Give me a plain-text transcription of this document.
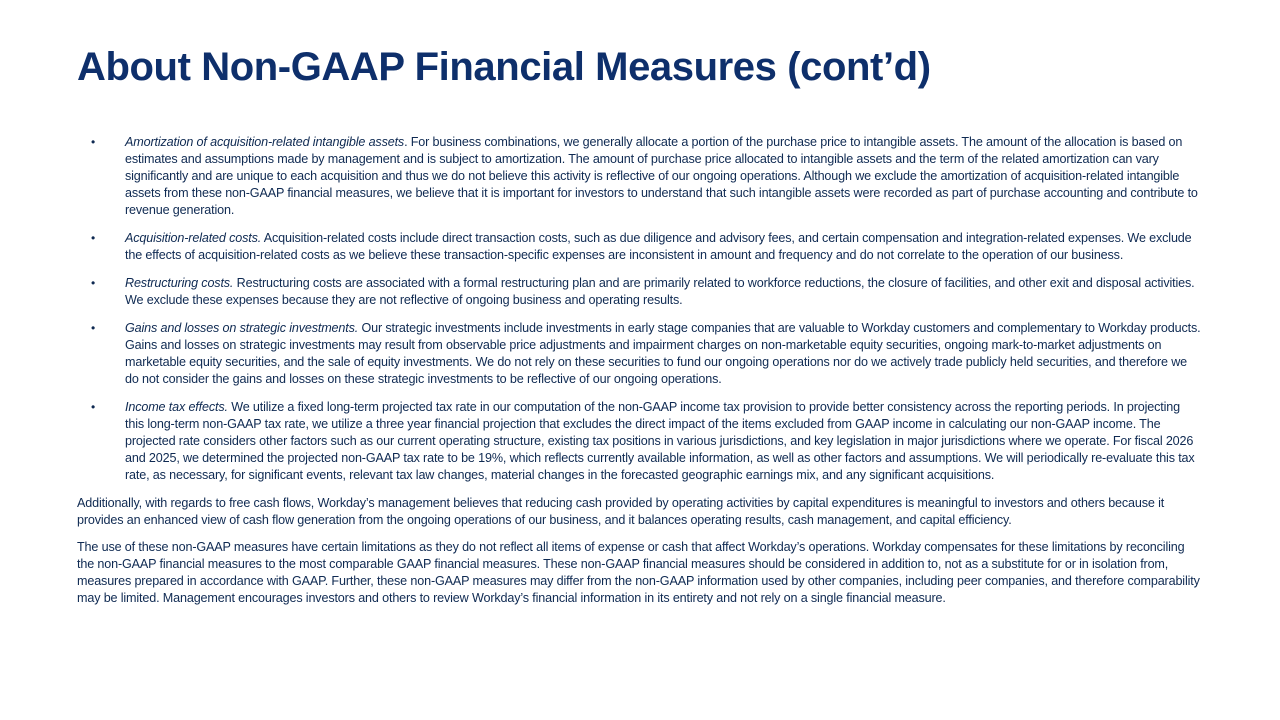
About Non-GAAP Financial Measures (cont’d)
• Amortization of acquisition-related intangible assets. For business combinations, we generally allocate a portion of the purchase price to intangible assets. The amount of the allocation is based on estimates and assumptions made by management and is subject to amortization. The amount of purchase price allocated to intangible assets and the term of the related amortization can vary significantly and are unique to each acquisition and thus we do not believe this activity is reflective of our ongoing operations. Although we exclude the amortization of acquisition-related intangible assets from these non-GAAP financial measures, we believe that it is important for investors to understand that such intangible assets were recorded as part of purchase accounting and contribute to revenue generation.
• Acquisition-related costs. Acquisition-related costs include direct transaction costs, such as due diligence and advisory fees, and certain compensation and integration-related expenses. We exclude the effects of acquisition-related costs as we believe these transaction-specific expenses are inconsistent in amount and frequency and do not correlate to the operation of our business.
• Restructuring costs. Restructuring costs are associated with a formal restructuring plan and are primarily related to workforce reductions, the closure of facilities, and other exit and disposal activities. We exclude these expenses because they are not reflective of ongoing business and operating results.
• Gains and losses on strategic investments. Our strategic investments include investments in early stage companies that are valuable to Workday customers and complementary to Workday products. Gains and losses on strategic investments may result from observable price adjustments and impairment charges on non-marketable equity securities, ongoing mark-to-market adjustments on marketable equity securities, and the sale of equity investments. We do not rely on these securities to fund our ongoing operations nor do we actively trade publicly held securities, and therefore we do not consider the gains and losses on these strategic investments to be reflective of our ongoing operations.
• Income tax effects. We utilize a fixed long-term projected tax rate in our computation of the non-GAAP income tax provision to provide better consistency across the reporting periods. In projecting this long-term non-GAAP tax rate, we utilize a three year financial projection that excludes the direct impact of the items excluded from GAAP income in calculating our non-GAAP income. The projected rate considers other factors such as our current operating structure, existing tax positions in various jurisdictions, and key legislation in major jurisdictions where we operate. For fiscal 2026 and 2025, we determined the projected non-GAAP tax rate to be 19%, which reflects currently available information, as well as other factors and assumptions. We will periodically re-evaluate this tax rate, as necessary, for significant events, relevant tax law changes, material changes in the forecasted geographic earnings mix, and any significant acquisitions.

Additionally, with regards to free cash flows, Workday’s management believes that reducing cash provided by operating activities by capital expenditures is meaningful to investors and others because it provides an enhanced view of cash flow generation from the ongoing operations of our business, and it balances operating results, cash management, and capital efficiency.

The use of these non-GAAP measures have certain limitations as they do not reflect all items of expense or cash that affect Workday’s operations. Workday compensates for these limitations by reconciling the non-GAAP financial measures to the most comparable GAAP financial measures. These non-GAAP financial measures should be considered in addition to, not as a substitute for or in isolation from, measures prepared in accordance with GAAP. Further, these non-GAAP measures may differ from the non-GAAP information used by other companies, including peer companies, and therefore comparability may be limited. Management encourages investors and others to review Workday’s financial information in its entirety and not rely on a single financial measure.
